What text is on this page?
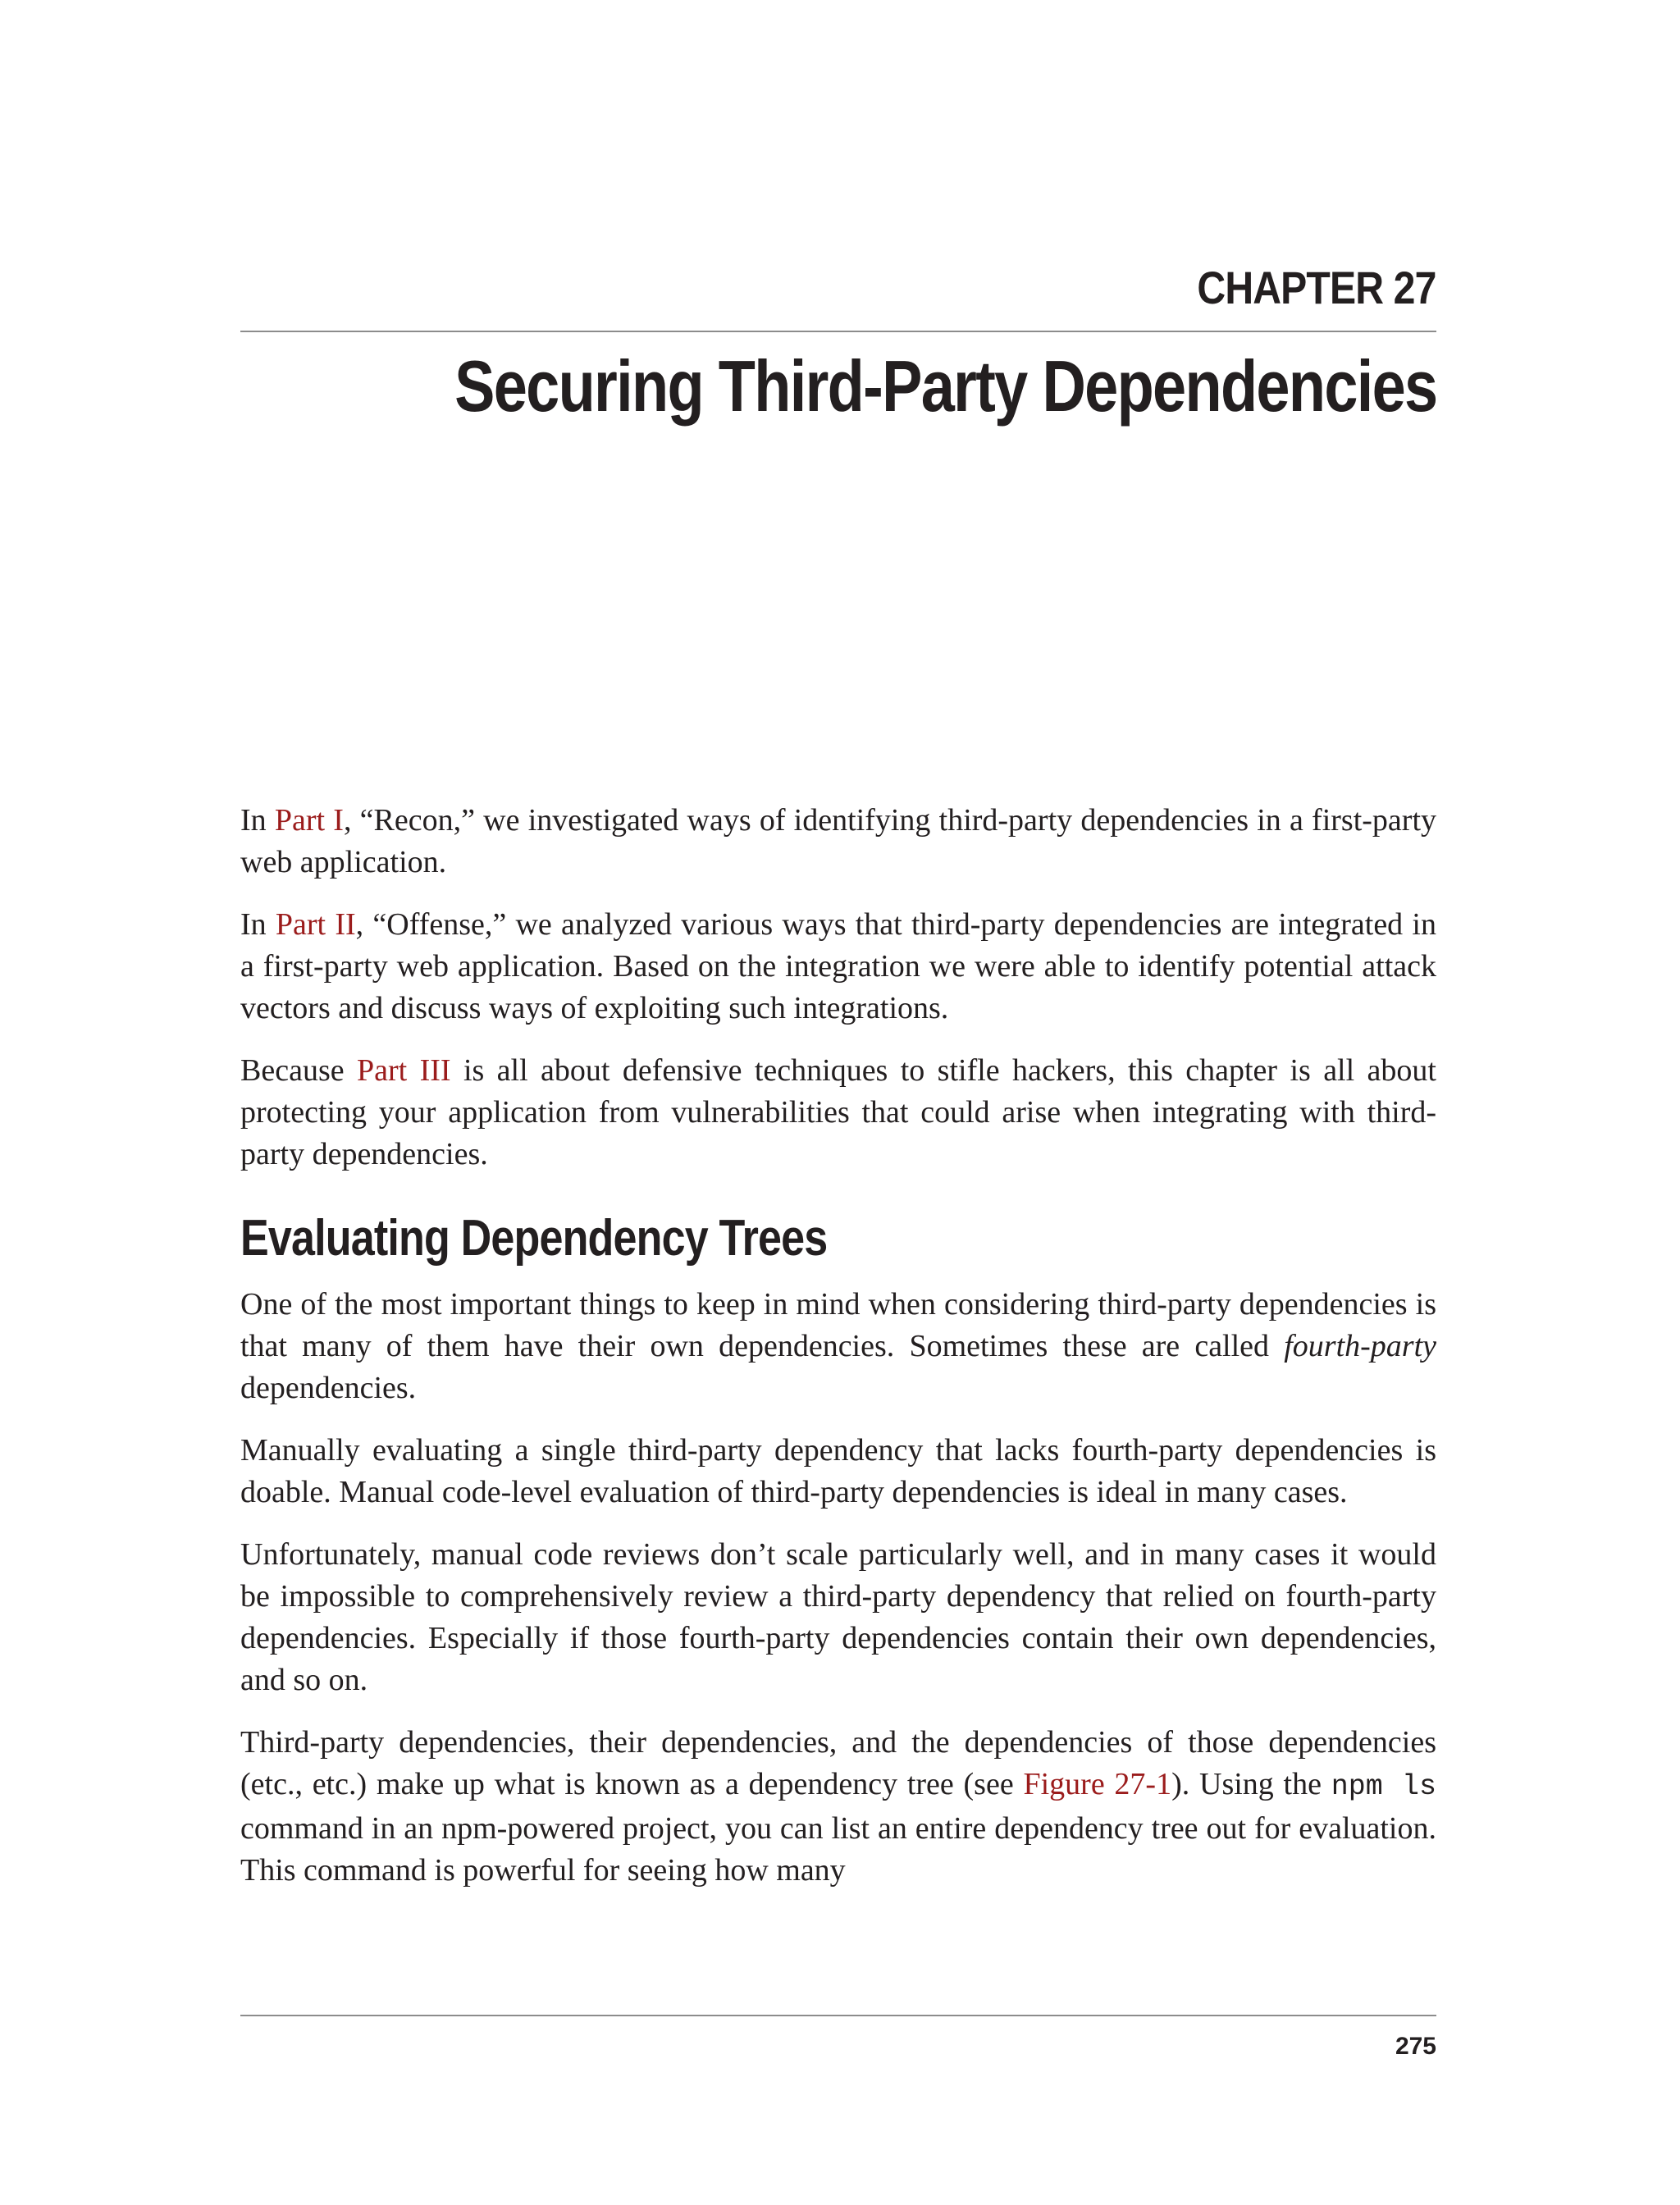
CHAPTER 27
Securing Third-Party Dependencies

In Part I, “Recon,” we investigated ways of identifying third-party dependencies in a first-party web application.

In Part II, “Offense,” we analyzed various ways that third-party dependencies are integrated in a first-party web application. Based on the integration we were able to identify potential attack vectors and discuss ways of exploiting such integrations.

Because Part III is all about defensive techniques to stifle hackers, this chapter is all about protecting your application from vulnerabilities that could arise when integrating with third-party dependencies.

Evaluating Dependency Trees

One of the most important things to keep in mind when considering third-party dependencies is that many of them have their own dependencies. Sometimes these are called fourth-party dependencies.

Manually evaluating a single third-party dependency that lacks fourth-party dependencies is doable. Manual code-level evaluation of third-party dependencies is ideal in many cases.

Unfortunately, manual code reviews don’t scale particularly well, and in many cases it would be impossible to comprehensively review a third-party dependency that relied on fourth-party dependencies. Especially if those fourth-party dependencies contain their own dependencies, and so on.

Third-party dependencies, their dependencies, and the dependencies of those dependencies (etc., etc.) make up what is known as a dependency tree (see Figure 27-1). Using the npm ls command in an npm-powered project, you can list an entire dependency tree out for evaluation. This command is powerful for seeing how many

275
